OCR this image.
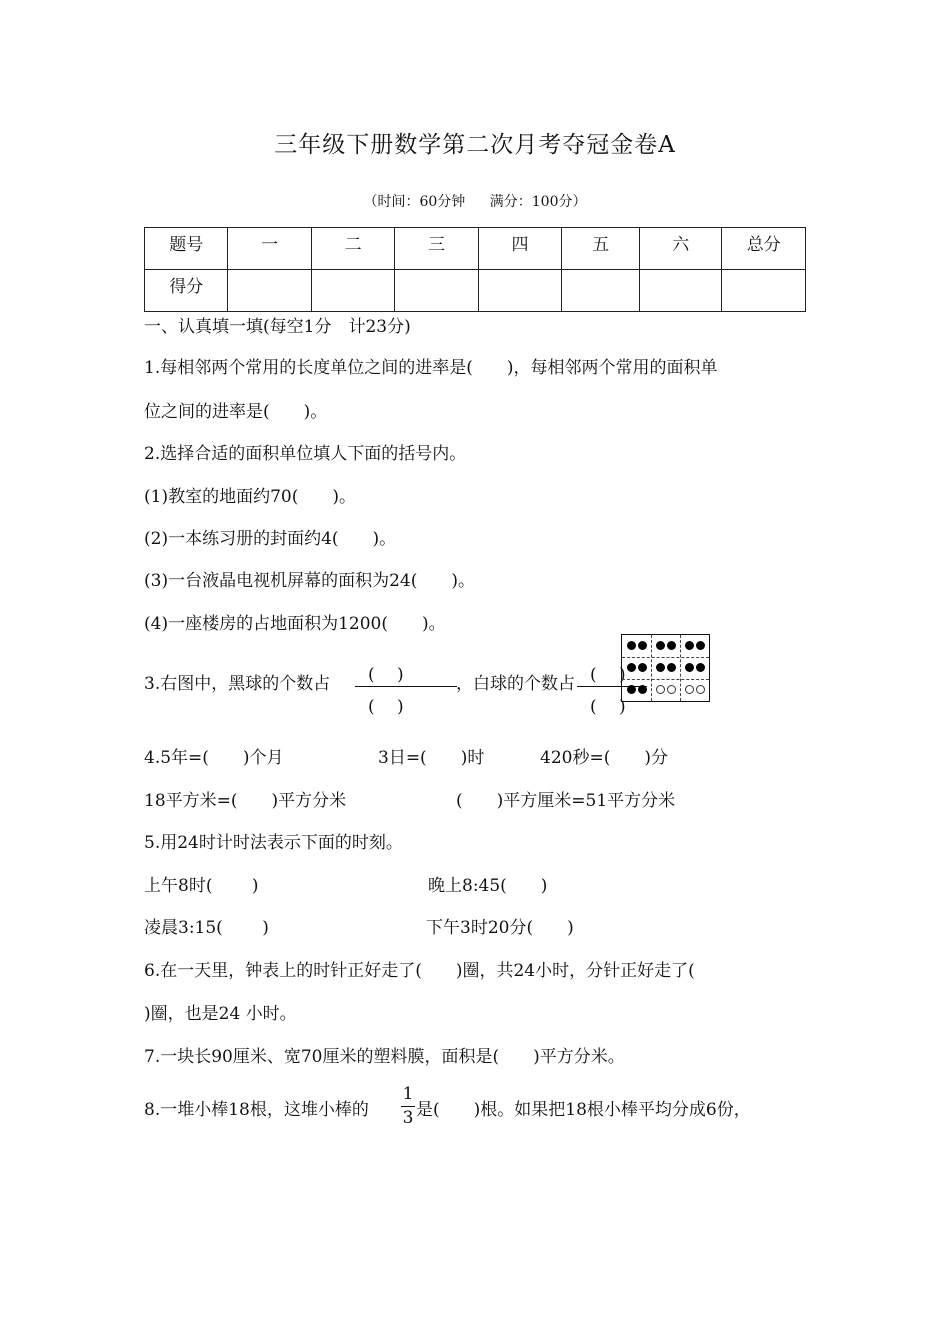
三年级下册数学第二次月考夺冠金卷A
（时间：60分钟 满分：100分）
题号	一	二	三	四	五	六	总分
得分							
一、认真填一填(每空1分　计23分)
1.每相邻两个常用的长度单位之间的进率是(　　)，每相邻两个常用的面积单
位之间的进率是(　　)。
2.选择合适的面积单位填人下面的括号内。
(1)教室的地面约70(　　)。
(2)一本练习册的封面约4(　　)。
(3)一台液晶电视机屏幕的面积为24(　　)。
(4)一座楼房的占地面积为1200(　　)。
3.右图中，黑球的个数占 (　 )
(　 )
，白球的个数占 (　 )
(　 )
4.5年=(　　)个月	3日=(　　)时	420秒=(　　)分
18平方米=(　　)平方分米	(　　)平方厘米=51平方分米
5.用24时计时法表示下面的时刻。
上午8时(　　 )	晚上8:45(　　)
凌晨3:15(　　 )	下午3时20分(　　)
6.在一天里，钟表上的时针正好走了(　　)圈，共24小时，分针正好走了(
)圈，也是24 小时。
7.一块长90厘米、宽70厘米的塑料膜，面积是(　　)平方分米。
8.一堆小棒18根，这堆小棒的
1
3 是(　　)根。如果把18根小棒平均分成6份，
